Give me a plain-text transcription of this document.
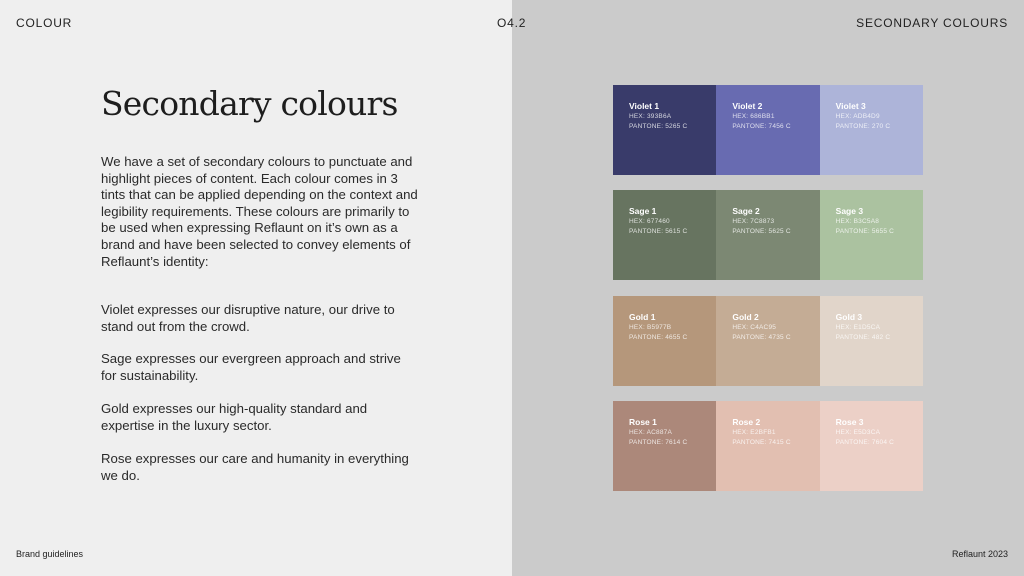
COLOUR	O4.2	SECONDARY COLOURS
Secondary colours

We have a set of secondary colours to punctuate and highlight pieces of content. Each colour comes in 3 tints that can be applied depending on the context and legibility requirements. These colours are primarily to be used when expressing Reflaunt on it’s own as a brand and have been selected to convey elements of Reflaunt’s identity:

Violet expresses our disruptive nature, our drive to stand out from the crowd.

Sage expresses our evergreen approach and strive for sustainability.

Gold expresses our high-quality standard and expertise in the luxury sector.

Rose expresses our care and humanity in everything we do.

Violet 1
HEX: 393B6A
PANTONE: 5265 C
Violet 2
HEX: 686BB1
PANTONE: 7456 C
Violet 3
HEX: ADB4D9
PANTONE: 270 C
Sage 1
HEX: 677460
PANTONE: 5615 C
Sage 2
HEX: 7C8873
PANTONE: 5625 C
Sage 3
HEX: B3C5A8
PANTONE: 5655 C
Gold 1
HEX: B5977B
PANTONE: 4655 C
Gold 2
HEX: C4AC95
PANTONE: 4735 C
Gold 3
HEX: E1D5CA
PANTONE: 482 C
Rose 1
HEX: AC887A
PANTONE: 7614 C
Rose 2
HEX: E2BFB1
PANTONE: 7415 C
Rose 3
HEX: E5D3CA
PANTONE: 7604 C
Brand guidelines	Reflaunt 2023
